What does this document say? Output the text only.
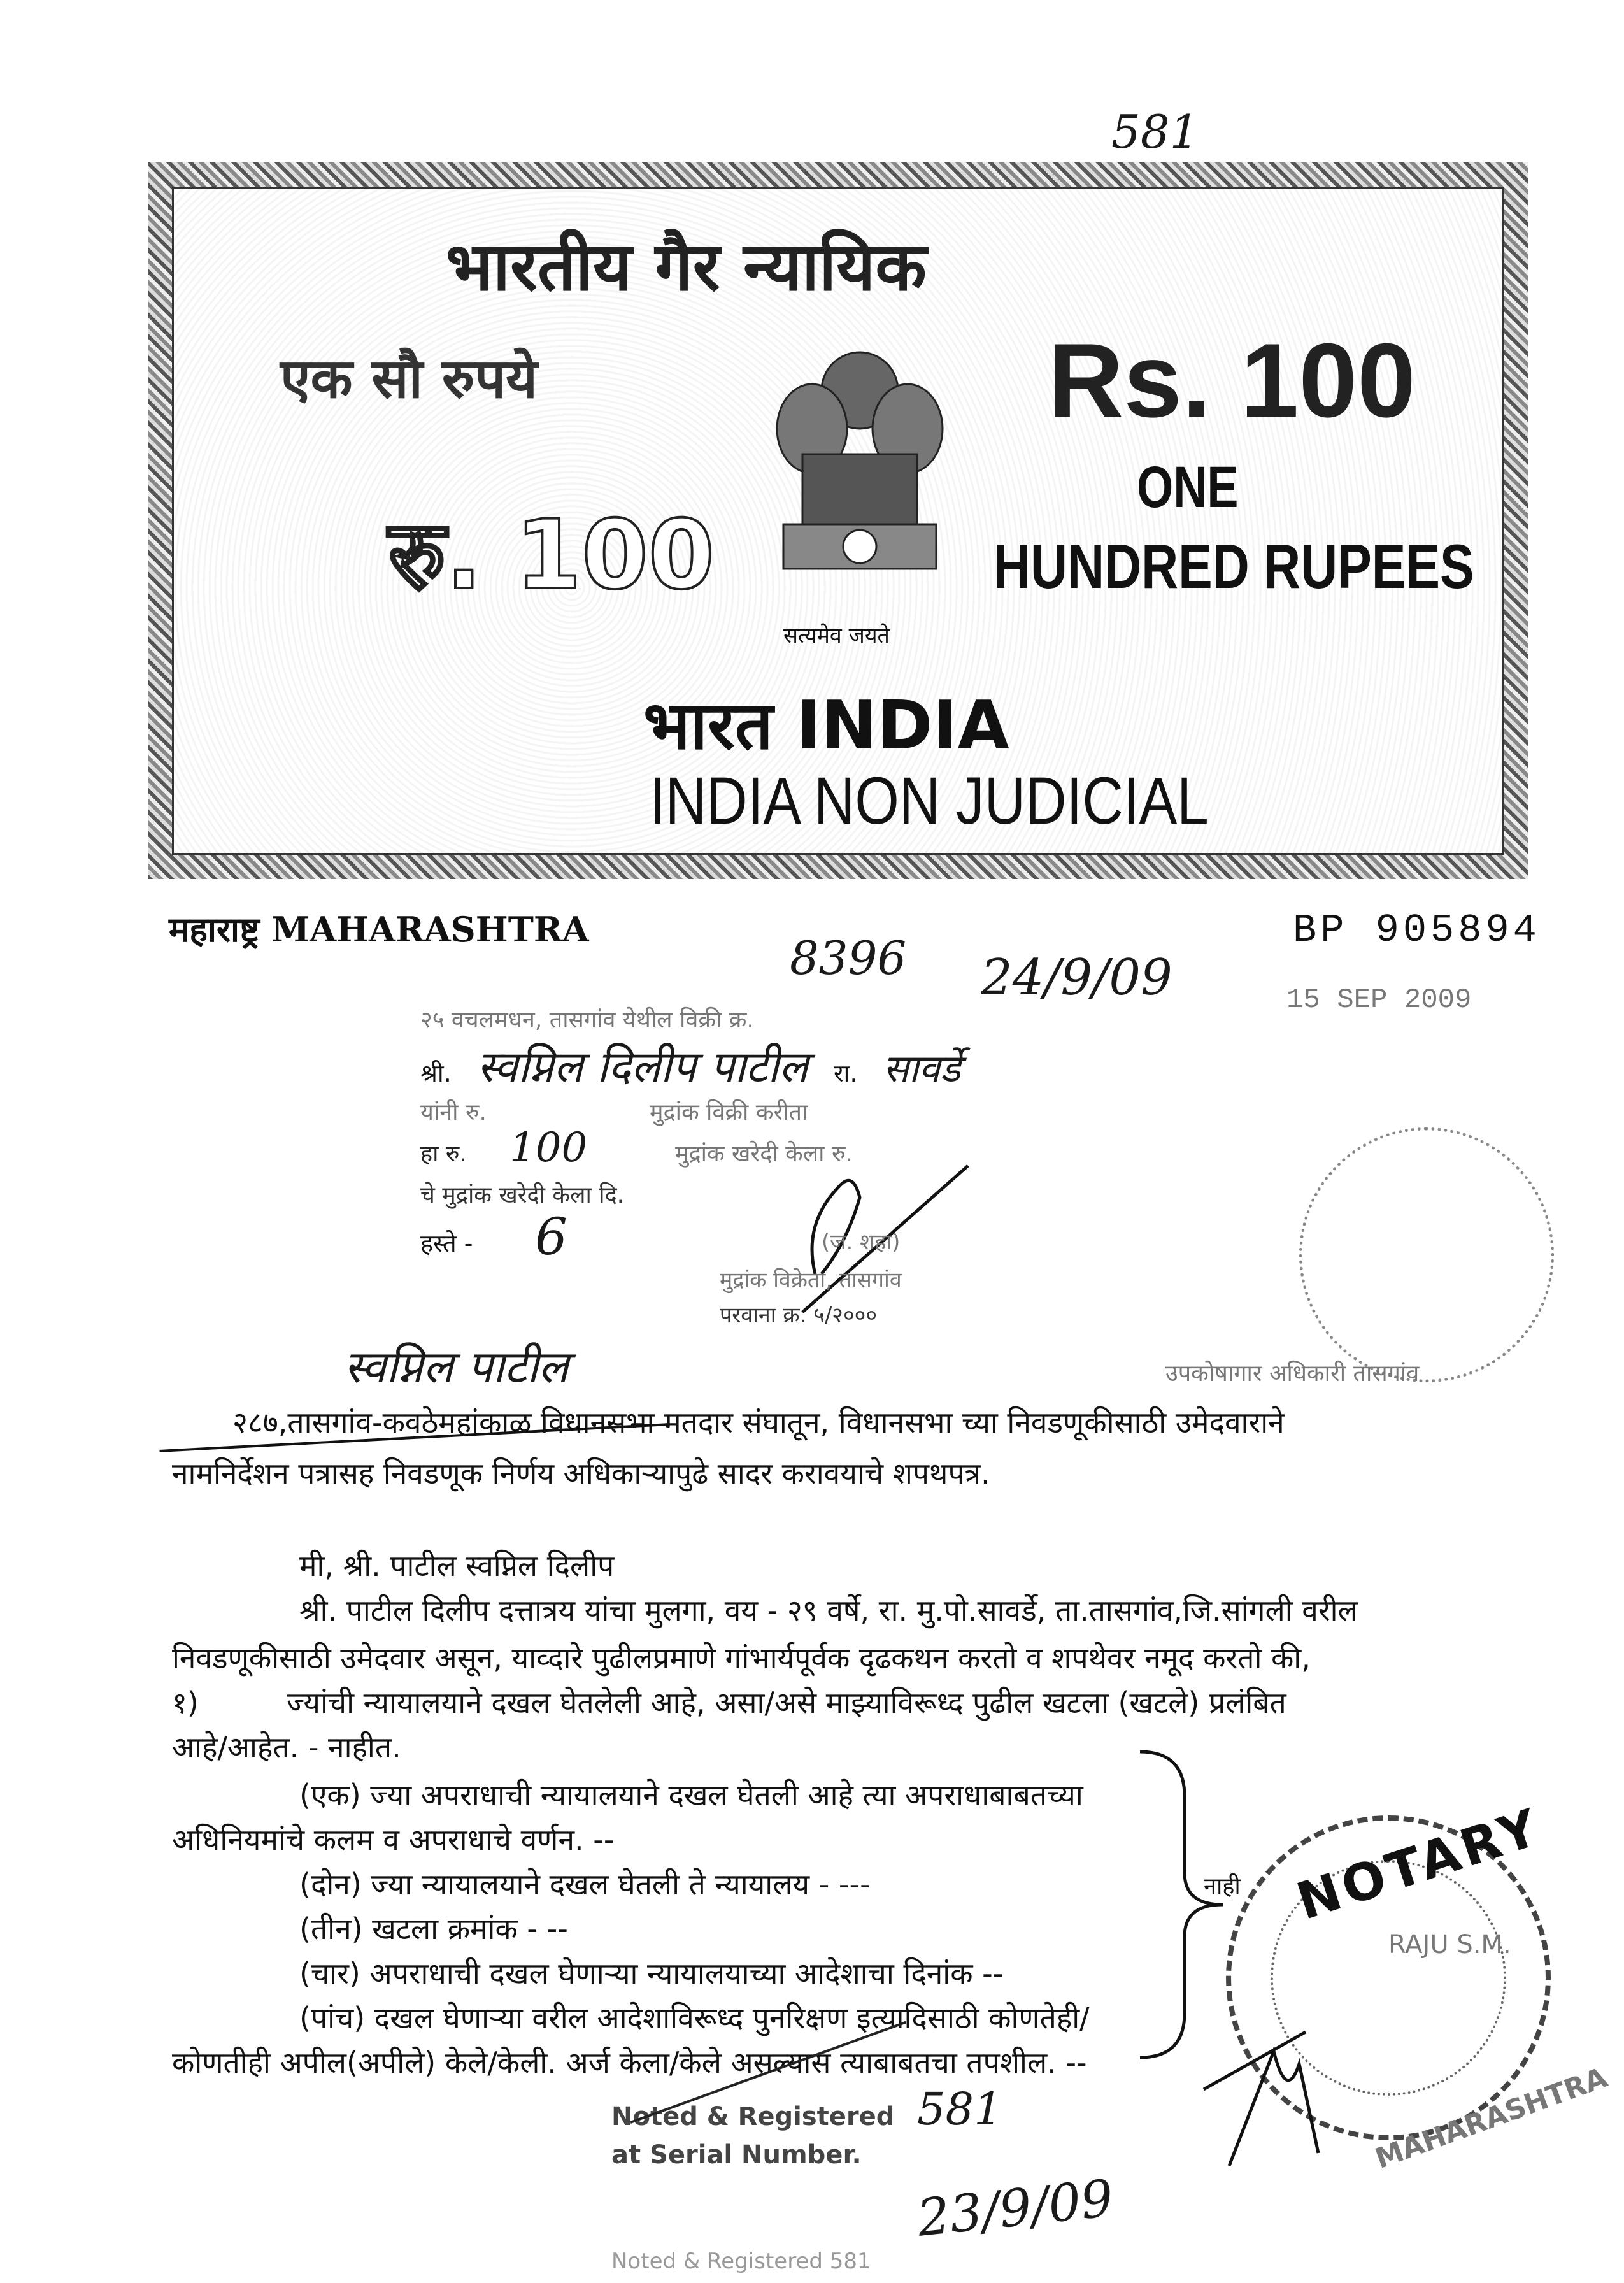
581
भारतीय गैर न्यायिक
एक सौ रुपये	Rs. 100
रु. 100
सत्यमेव जयते
ONE
HUNDRED RUPEES
भारत INDIA
INDIA NON JUDICIAL
महाराष्ट्र MAHARASHTRA	BP 905894
15 SEP 2009
8396 24/9/09
२५ वचलमधन, तासगांव येथील विक्री क्र.
श्री. स्वप्निल दिलीप पाटील रा. सावर्डे
यांनी रु.	मुद्रांक विक्री करीता
हा रु. 100	मुद्रांक खरेदी केला रु.
चे मुद्रांक खरेदी केला दि.
हस्ते - 6	(ज. शहा)
मुद्रांक विक्रेता, तासगांव
परवाना क्र. ५/२०००
स्वप्निल पाटील	उपकोषागार अधिकारी तासगांव
२८७,तासगांव-कवठेमहांकाळ विधानसभा मतदार संघातून, विधानसभा च्या निवडणूकीसाठी उमेदवाराने
नामनिर्देशन पत्रासह निवडणूक निर्णय अधिकाऱ्यापुढे सादर करावयाचे शपथपत्र.
मी, श्री. पाटील स्वप्निल दिलीप
श्री. पाटील दिलीप दत्तात्रय यांचा मुलगा, वय - २९ वर्षे, रा. मु.पो.सावर्डे, ता.तासगांव,जि.सांगली वरील
निवडणूकीसाठी उमेदवार असून, याव्दारे पुढीलप्रमाणे गांभार्यपूर्वक दृढकथन करतो व शपथेवर नमूद करतो की,
१)	ज्यांची न्यायालयाने दखल घेतलेली आहे, असा/असे माझ्याविरूध्द पुढील खटला (खटले) प्रलंबित
आहे/आहेत. - नाहीत.
(एक) ज्या अपराधाची न्यायालयाने दखल घेतली आहे त्या अपराधाबाबतच्या
अधिनियमांचे कलम व अपराधाचे वर्णन. --
(दोन) ज्या न्यायालयाने दखल घेतली ते न्यायालय - ---
(तीन) खटला क्रमांक - --
(चार) अपराधाची दखल घेणाऱ्या न्यायालयाच्या आदेशाचा दिनांक --
(पांच) दखल घेणाऱ्या वरील आदेशाविरूध्द पुनरिक्षण इत्यादिसाठी कोणतेही/
कोणतीही अपील(अपीले) केले/केली. अर्ज केला/केले असल्यास त्याबाबतचा तपशील. --
नाही NOTARY
RAJU S.M.
MAHARASHTRA
Noted & Registered 581
at Serial Number.
23/9/09
Noted & Registered 581
